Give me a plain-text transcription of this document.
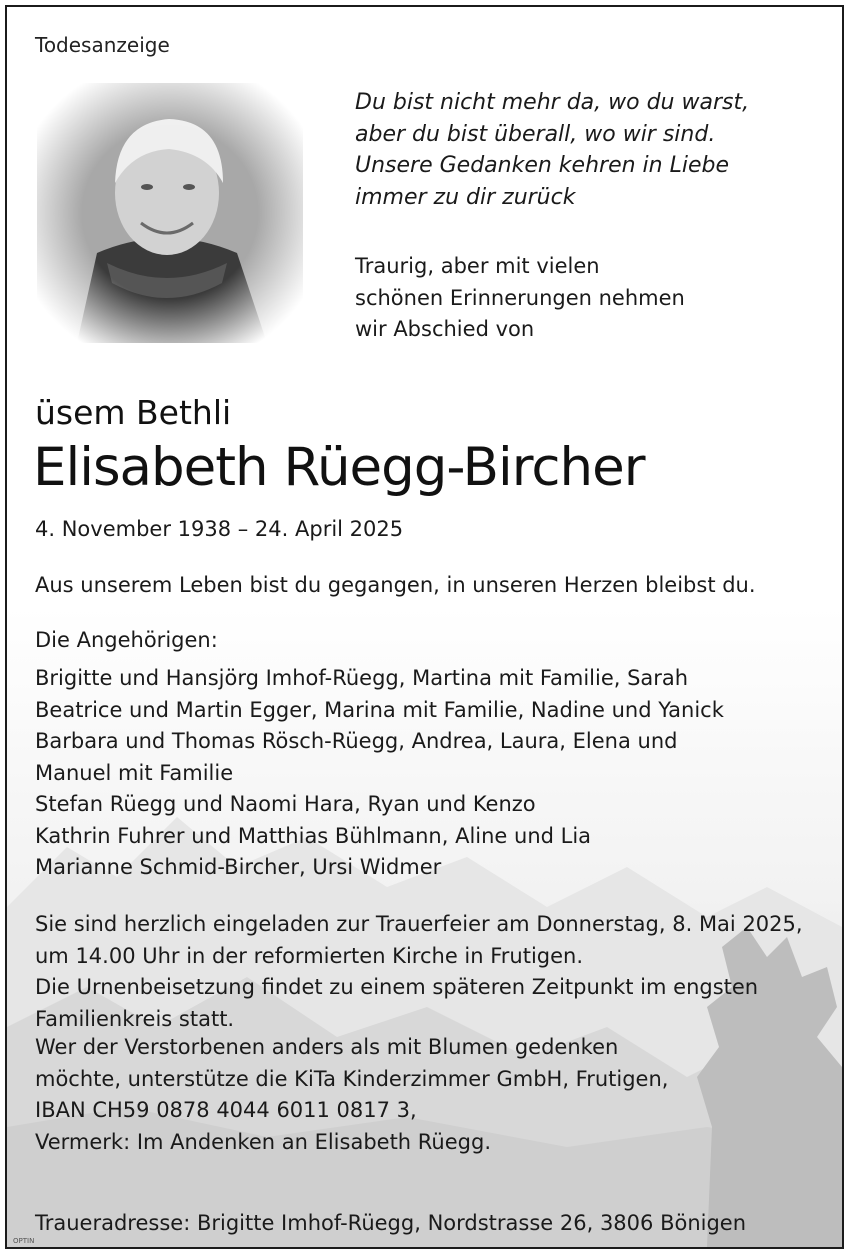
Todesanzeige
Du bist nicht mehr da, wo du warst,
aber du bist überall, wo wir sind.
Unsere Gedanken kehren in Liebe
immer zu dir zurück
Traurig, aber mit vielen
schönen Erinnerungen nehmen
wir Abschied von
üsem Bethli
Elisabeth Rüegg-Bircher
4. November 1938 – 24. April 2025
Aus unserem Leben bist du gegangen, in unseren Herzen bleibst du.
Die Angehörigen:
Brigitte und Hansjörg Imhof-Rüegg, Martina mit Familie, Sarah
Beatrice und Martin Egger, Marina mit Familie, Nadine und Yanick
Barbara und Thomas Rösch-Rüegg, Andrea, Laura, Elena und
Manuel mit Familie
Stefan Rüegg und Naomi Hara, Ryan und Kenzo
Kathrin Fuhrer und Matthias Bühlmann, Aline und Lia
Marianne Schmid-Bircher, Ursi Widmer
Sie sind herzlich eingeladen zur Trauerfeier am Donnerstag, 8. Mai 2025,
um 14.00 Uhr in der reformierten Kirche in Frutigen.
Die Urnenbeisetzung findet zu einem späteren Zeitpunkt im engsten
Familienkreis statt.
Wer der Verstorbenen anders als mit Blumen gedenken
möchte, unterstütze die KiTa Kinderzimmer GmbH, Frutigen,
IBAN CH59 0878 4044 6011 0817 3,
Vermerk: Im Andenken an Elisabeth Rüegg.
Traueradresse: Brigitte Imhof-Rüegg, Nordstrasse 26, 3806 Bönigen
OPTIN
